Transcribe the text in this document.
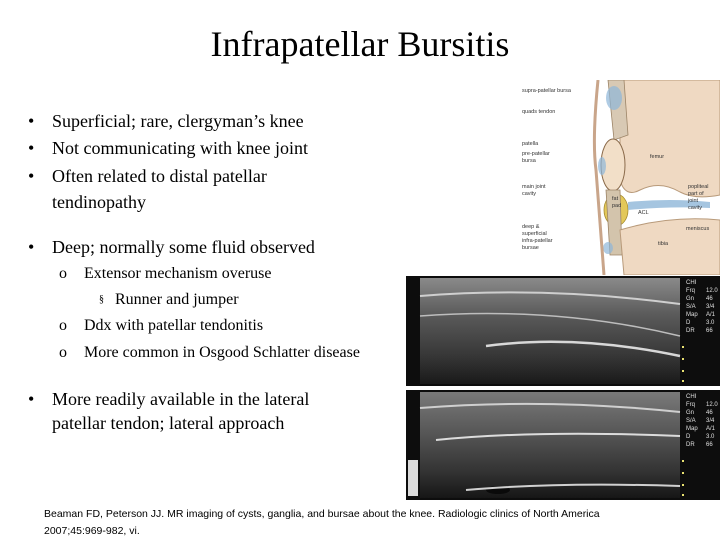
Infrapatellar Bursitis
• Superficial; rare, clergyman’s knee
• Not communicating with knee joint
• Often related to distal patellar
tendinopathy
• Deep; normally some fluid observed
o Extensor mechanism overuse
§ Runner and jumper
o Ddx with patellar tendonitis
o More common in Osgood Schlatter disease
• More readily available in the lateral
patellar tendon; lateral approach
supra-patellar bursa
quads tendon
patella
pre-patellar
bursa
main joint
cavity
deep &
superficial
infra-patellar
bursae
femur
fat
pad
ACL
tibia
popliteal
part of
joint
cavity
meniscus
CHI
Frq 12.0
Gn 46
S/A 3/4
Map A/1
D	3.0
DR 66
CHI
Frq 12.0
Gn 46
S/A 3/4
Map A/1
D	3.0
DR 66
Beaman FD, Peterson JJ. MR imaging of cysts, ganglia, and bursae about the knee. Radiologic clinics of North America
2007;45:969-982, vi.
